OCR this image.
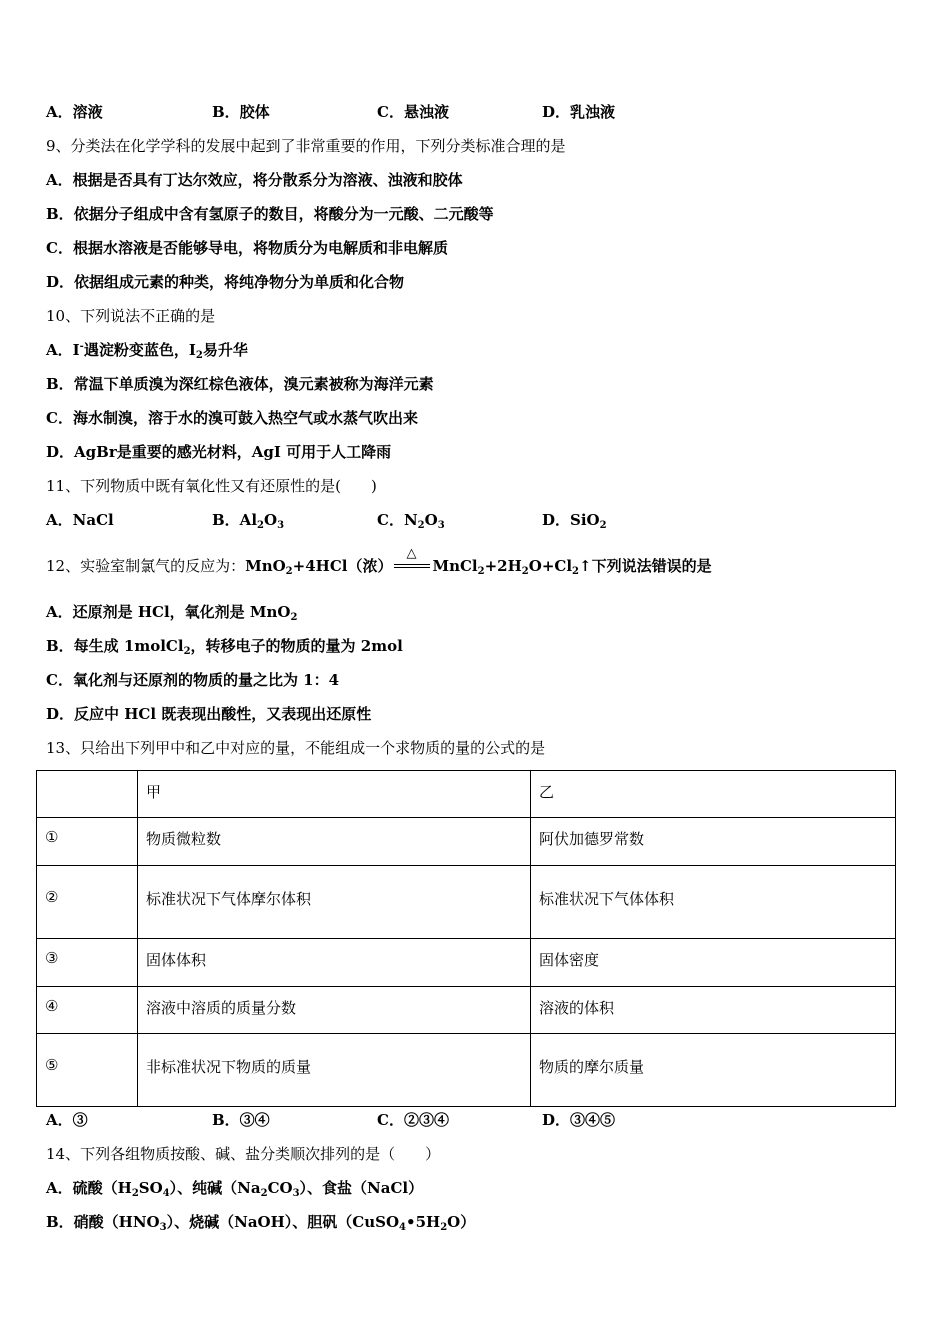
A．溶液	B．胶体	C．悬浊液	D．乳浊液
9、分类法在化学学科的发展中起到了非常重要的作用，下列分类标准合理的是
A．根据是否具有丁达尔效应，将分散系分为溶液、浊液和胶体
B．依据分子组成中含有氢原子的数目，将酸分为一元酸、二元酸等
C．根据水溶液是否能够导电，将物质分为电解质和非电解质
D．依据组成元素的种类，将纯净物分为单质和化合物
10、下列说法不正确的是
A．I-遇淀粉变蓝色，$I_2$易升华
B．常温下单质溴为深红棕色液体，溴元素被称为海洋元素
C．海水制溴，溶于水的溴可鼓入热空气或水蒸气吹出来
D．AgBr是重要的感光材料，AgI 可用于人工降雨
11、下列物质中既有氧化性又有还原性的是(　　)
A．NaCl	B．$Al_2O_3$	C．$N_2O_3$	D．SiO$_2$
12、实验室制氯气的反应为：MnO$_2$+4HCl（浓）
△
$MnCl_2+2H_2O+Cl_2↑$下列说法错误的是
A．还原剂是 HCl，氧化剂是 MnO$_2$
B．每生成 1molCl$_2$，转移电子的物质的量为 2mol
C．氧化剂与还原剂的物质的量之比为 1：4
D．反应中 HCl 既表现出酸性，又表现出还原性
13、只给出下列甲中和乙中对应的量，不能组成一个求物质的量的公式的是
	甲	乙
①	物质微粒数	阿伏加德罗常数
②	标准状况下气体摩尔体积	标准状况下气体体积
③	固体体积	固体密度
④	溶液中溶质的质量分数	溶液的体积
⑤	非标准状况下物质的质量	物质的摩尔质量
A．③	B．③④	C．②③④	D．③④⑤
14、下列各组物质按酸、碱、盐分类顺次排列的是（　　）
A．硫酸$(H_2SO_4)$、纯碱$(Na_2CO_3)$、食盐（NaCl）
B．硝酸$(HNO_3)$、烧碱（NaOH）、胆矾$(CuSO_4•5H_2O)$
